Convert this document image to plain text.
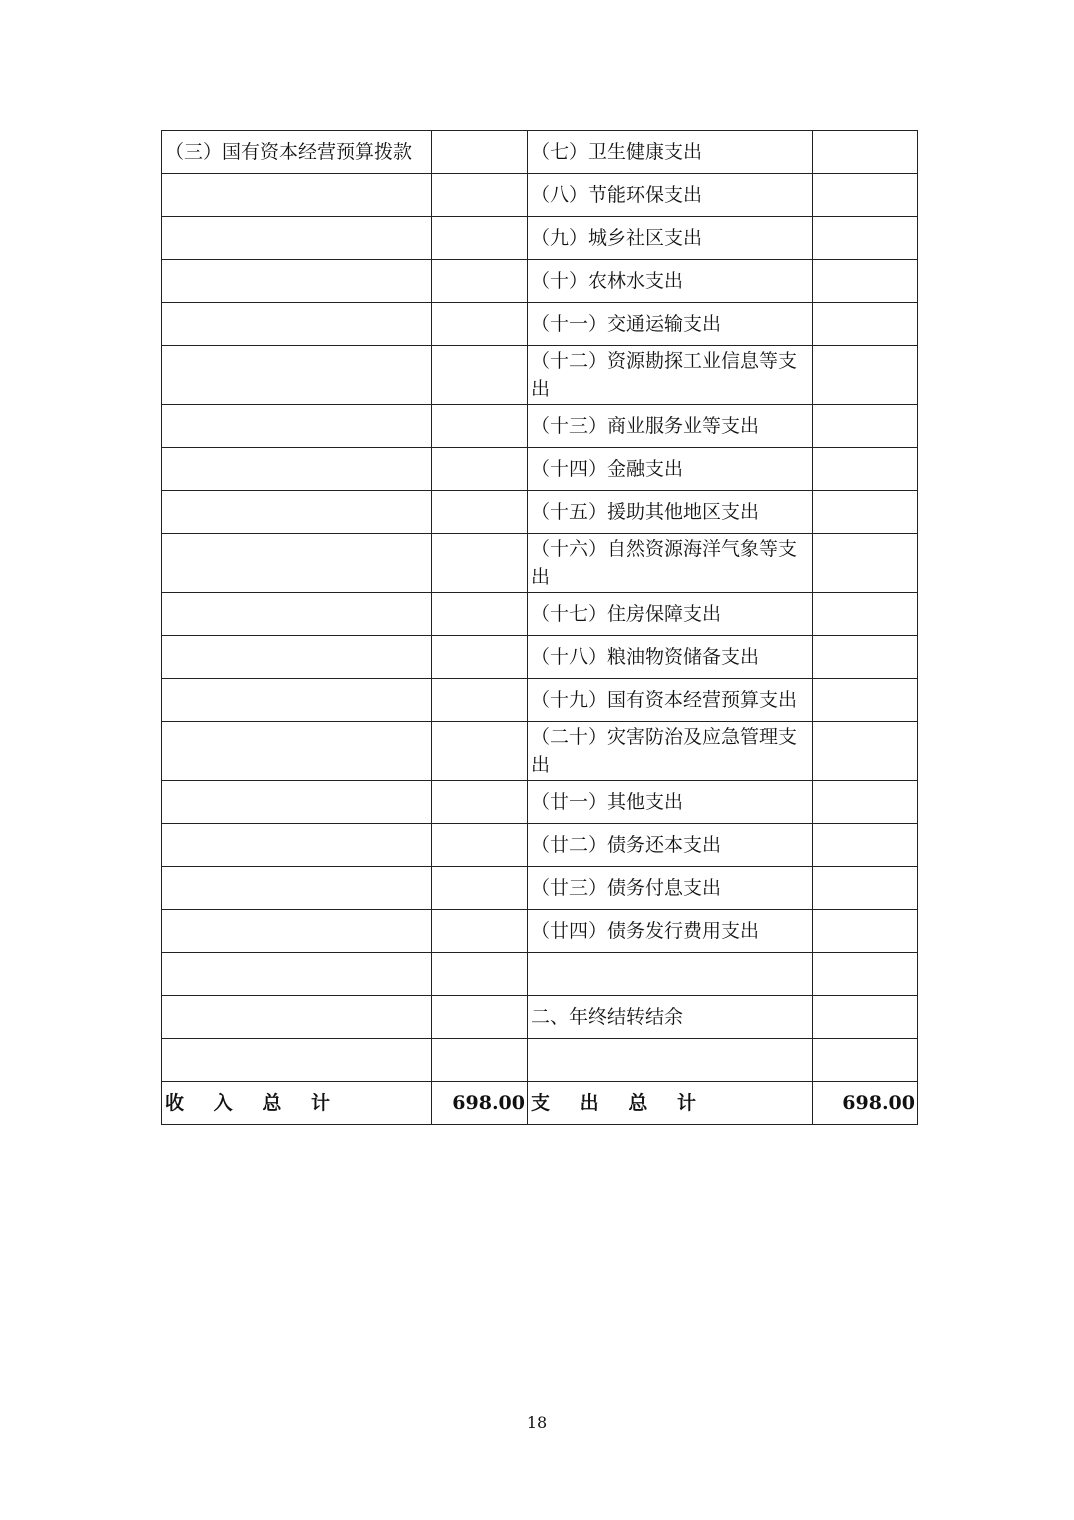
（三）国有资本经营预算拨款		（七）卫生健康支出	
		（八）节能环保支出	
		（九）城乡社区支出	
		（十）农林水支出	
		（十一）交通运输支出	
		（十二）资源勘探工业信息等支出	
		（十三）商业服务业等支出	
		（十四）金融支出	
		（十五）援助其他地区支出	
		（十六）自然资源海洋气象等支出	
		（十七）住房保障支出	
		（十八）粮油物资储备支出	
		（十九）国有资本经营预算支出	
		（二十）灾害防治及应急管理支出	
		（廿一）其他支出	
		（廿二）债务还本支出	
		（廿三）债务付息支出	
		（廿四）债务发行费用支出	

		二、年终结转结余	

收 入 总 计	698.00	支 出 总 计	698.00
18
